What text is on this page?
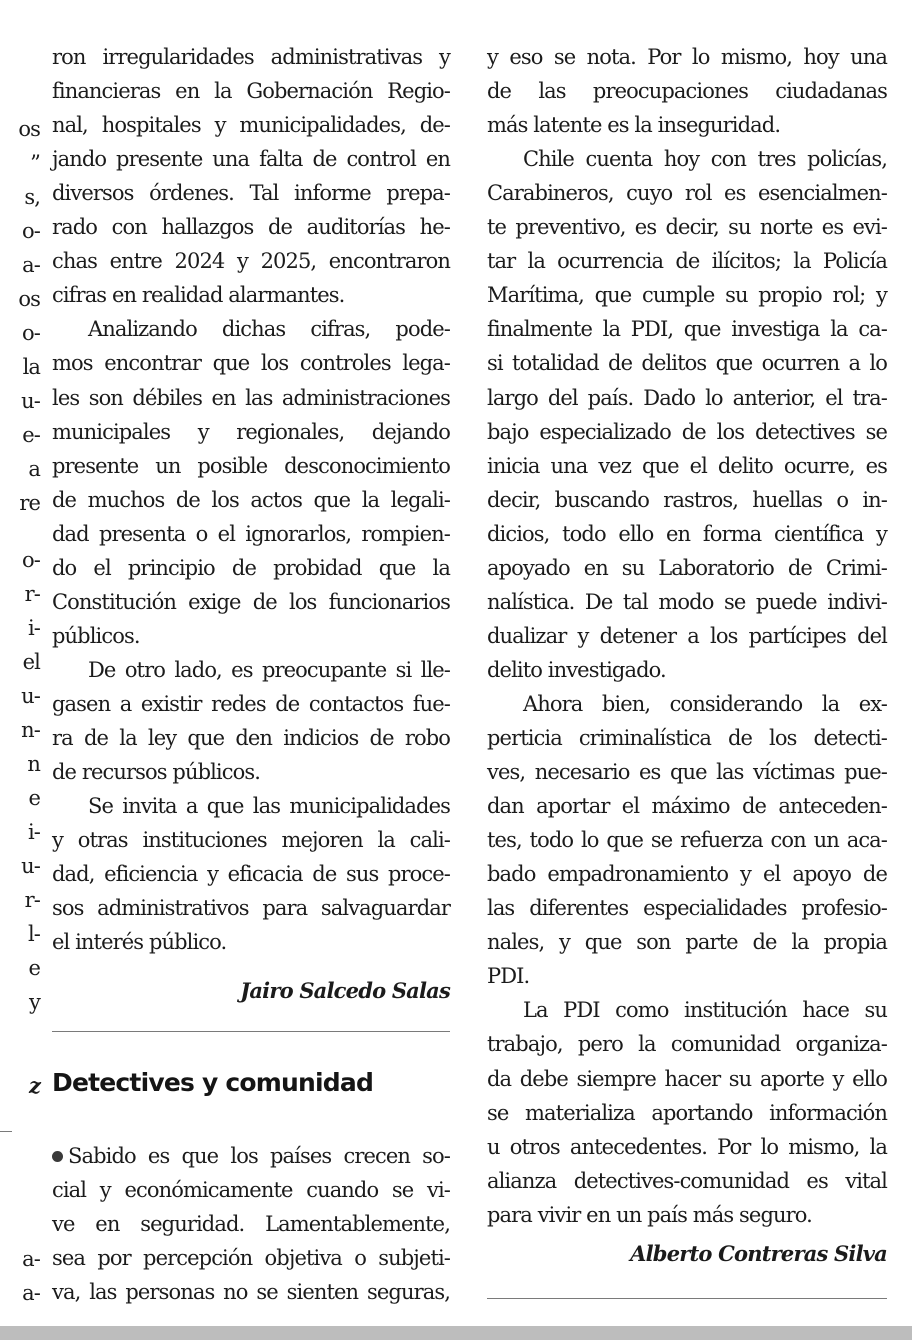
os
”
s,
o-
a-
os
o-
la
u-
e-
a
re
o-
r-
i-
el
u-
n-
n
e
i-
u-
r-
l-
e
y
z
a-
a-
ron irregularidades administrativas y
financieras en la Gobernación Regio-
nal, hospitales y municipalidades, de-
jando presente una falta de control en
diversos órdenes. Tal informe prepa-
rado con hallazgos de auditorías he-
chas entre 2024 y 2025, encontraron
cifras en realidad alarmantes.
Analizando dichas cifras, pode-
mos encontrar que los controles lega-
les son débiles en las administraciones
municipales y regionales, dejando
presente un posible desconocimiento
de muchos de los actos que la legali-
dad presenta o el ignorarlos, rompien-
do el principio de probidad que la
Constitución exige de los funcionarios
públicos.
De otro lado, es preocupante si lle-
gasen a existir redes de contactos fue-
ra de la ley que den indicios de robo
de recursos públicos.
Se invita a que las municipalidades
y otras instituciones mejoren la cali-
dad, eficiencia y eficacia de sus proce-
sos administrativos para salvaguardar
el interés público.
Jairo Salcedo Salas
Detectives y comunidad
Sabido es que los países crecen so-
cial y económicamente cuando se vi-
ve en seguridad. Lamentablemente,
sea por percepción objetiva o subjeti-
va, las personas no se sienten seguras,
y eso se nota. Por lo mismo, hoy una
de las preocupaciones ciudadanas
más latente es la inseguridad.
Chile cuenta hoy con tres policías,
Carabineros, cuyo rol es esencialmen-
te preventivo, es decir, su norte es evi-
tar la ocurrencia de ilícitos; la Policía
Marítima, que cumple su propio rol; y
finalmente la PDI, que investiga la ca-
si totalidad de delitos que ocurren a lo
largo del país. Dado lo anterior, el tra-
bajo especializado de los detectives se
inicia una vez que el delito ocurre, es
decir, buscando rastros, huellas o in-
dicios, todo ello en forma científica y
apoyado en su Laboratorio de Crimi-
nalística. De tal modo se puede indivi-
dualizar y detener a los partícipes del
delito investigado.
Ahora bien, considerando la ex-
perticia criminalística de los detecti-
ves, necesario es que las víctimas pue-
dan aportar el máximo de anteceden-
tes, todo lo que se refuerza con un aca-
bado empadronamiento y el apoyo de
las diferentes especialidades profesio-
nales, y que son parte de la propia
PDI.
La PDI como institución hace su
trabajo, pero la comunidad organiza-
da debe siempre hacer su aporte y ello
se materializa aportando información
u otros antecedentes. Por lo mismo, la
alianza detectives-comunidad es vital
para vivir en un país más seguro.
Alberto Contreras Silva
